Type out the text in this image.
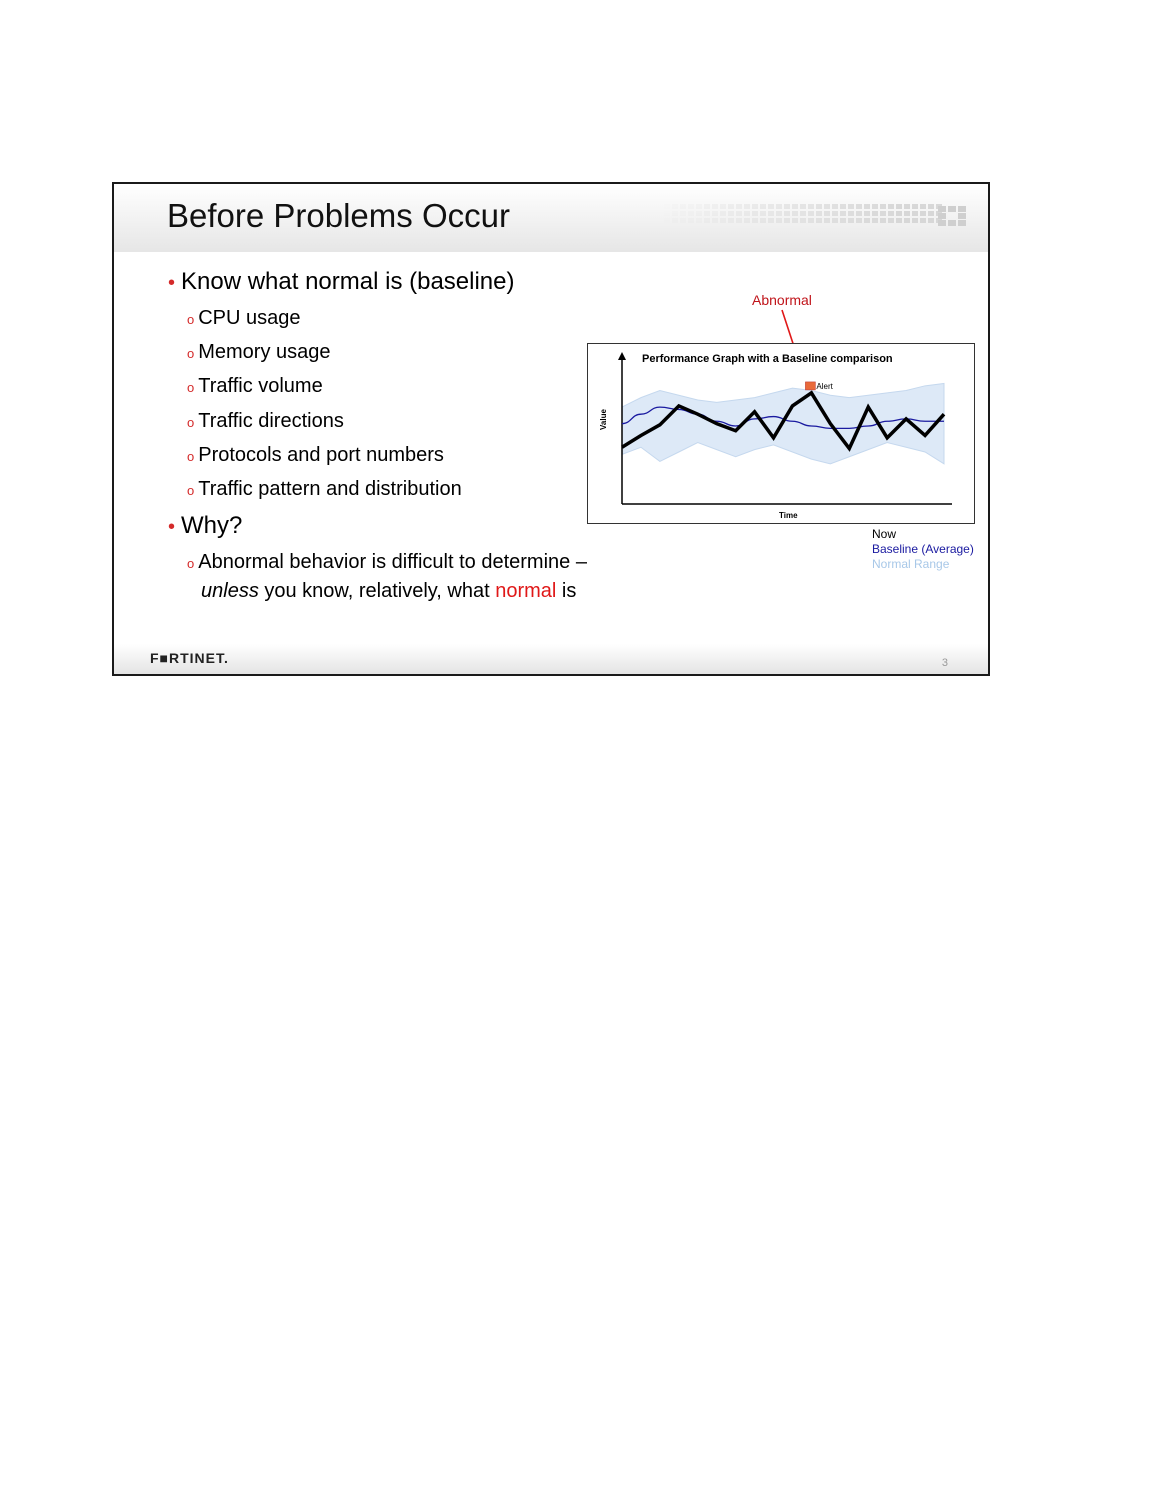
Before Problems Occur
• Know what normal is (baseline)
o CPU usage
o Memory usage
o Traffic volume
o Traffic directions
o Protocols and port numbers
o Traffic pattern and distribution
• Why?
o Abnormal behavior is difficult to determine –
unless you know, relatively, what normal is
Abnormal
Performance Graph with a Baseline comparison
Time
Value
Alert
Now
Baseline (Average)
Normal Range
F■RTINET.	3
